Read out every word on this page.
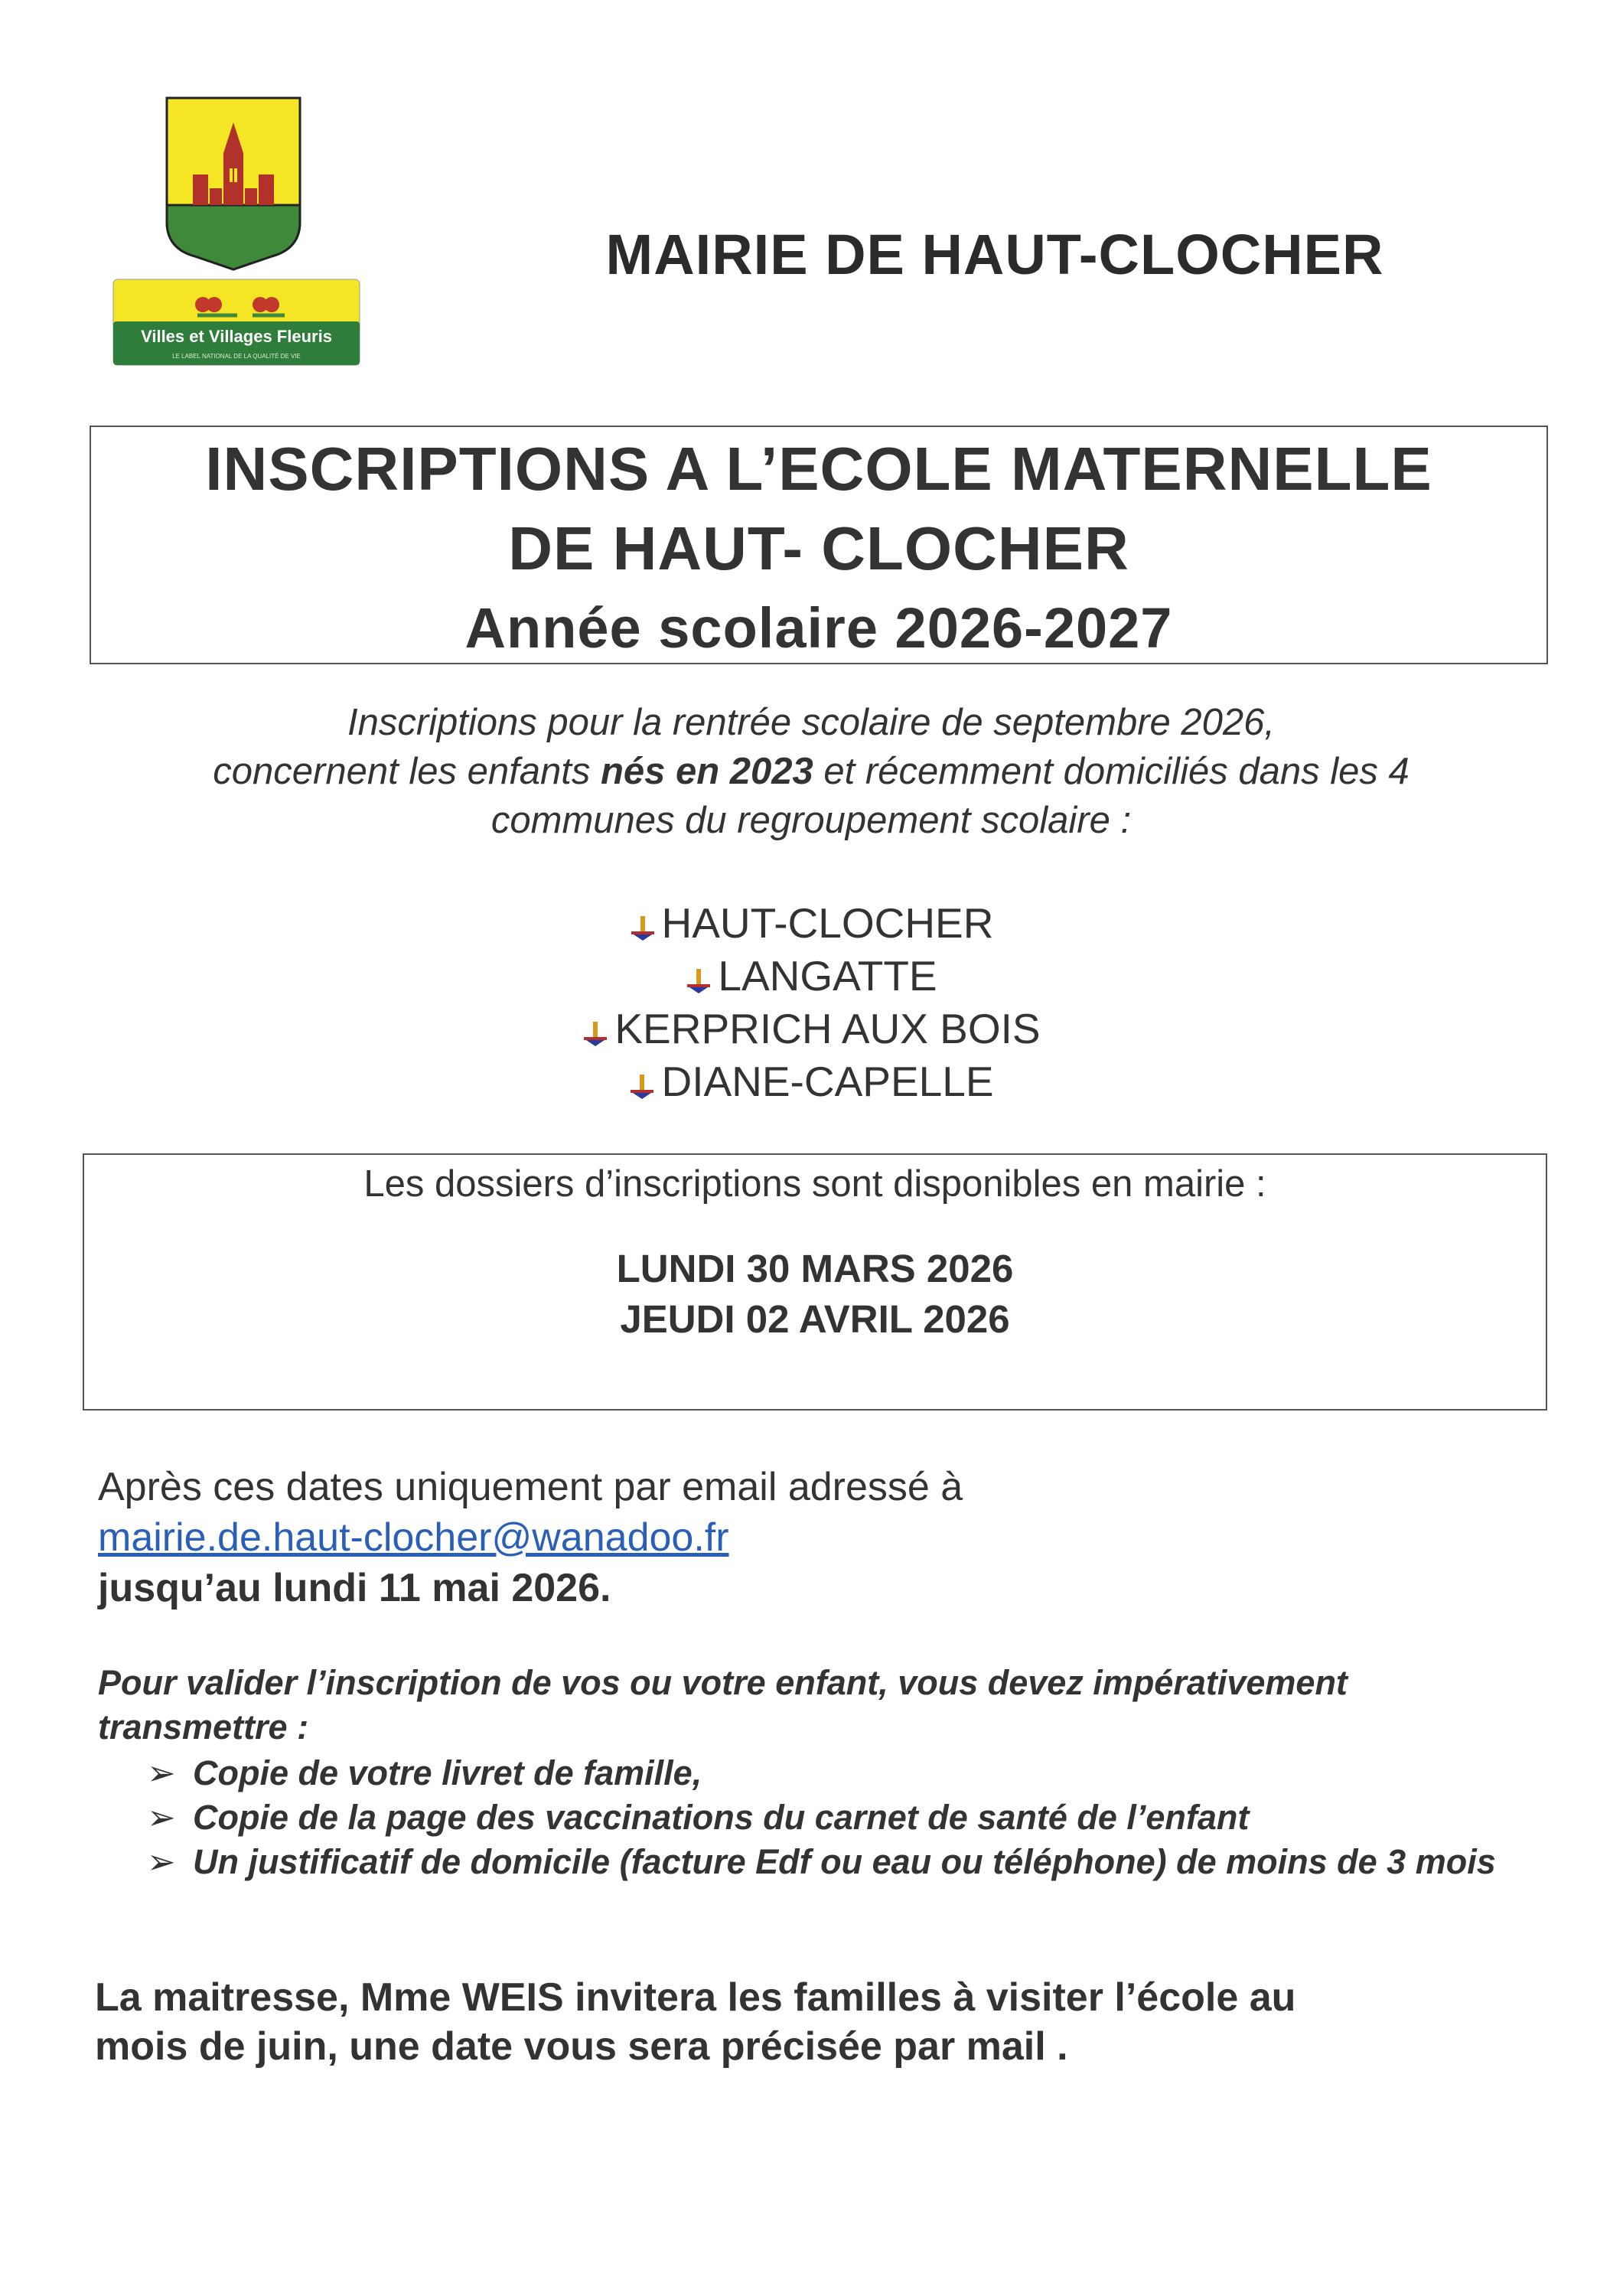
Villes et Villages Fleuris
LE LABEL NATIONAL DE LA QUALITÉ DE VIE
MAIRIE DE HAUT-CLOCHER
INSCRIPTIONS A L’ECOLE MATERNELLE
DE HAUT- CLOCHER
Année scolaire 2026-2027
Inscriptions pour la rentrée scolaire de septembre 2026,
concernent les enfants nés en 2023 et récemment domiciliés dans les 4
communes du regroupement scolaire :
HAUT-CLOCHER
LANGATTE
KERPRICH AUX BOIS
DIANE-CAPELLE
Les dossiers d’inscriptions sont disponibles en mairie :
LUNDI 30 MARS 2026
JEUDI 02 AVRIL 2026
Après ces dates uniquement par email adressé à
mairie.de.haut-clocher@wanadoo.fr
jusqu’au lundi 11 mai 2026.
Pour valider l’inscription de vos ou votre enfant, vous devez impérativement
transmettre :
➢ Copie de votre livret de famille,
➢ Copie de la page des vaccinations du carnet de santé de l’enfant
➢ Un justificatif de domicile (facture Edf ou eau ou téléphone) de moins de 3 mois
La maitresse, Mme WEIS invitera les familles à visiter l’école au
mois de juin, une date vous sera précisée par mail .
